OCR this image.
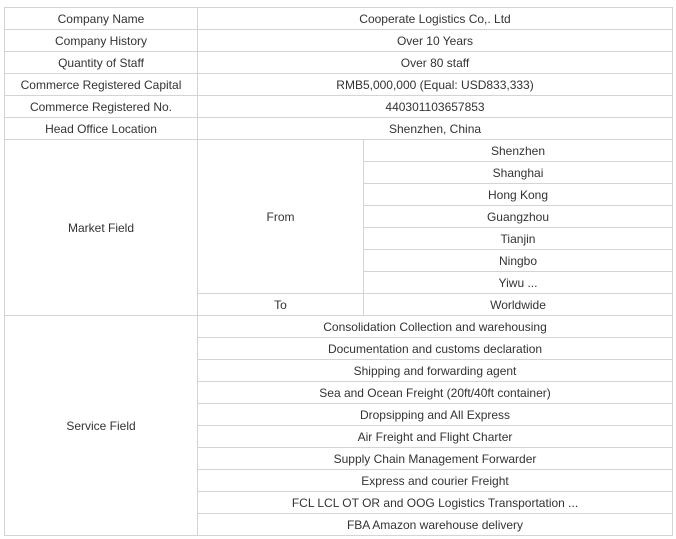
Company Name	Cooperate Logistics Co,. Ltd	
Company History	Over 10 Years	
Quantity of Staff	Over 80 staff	
Commerce Registered Capital	RMB5,000,000 (Equal: USD833,333)	
Commerce Registered No.	440301103657853	
Head Office Location	Shenzhen, China	
Market Field	From	Shenzhen
		Shanghai
		Hong Kong
		Guangzhou
		Tianjin
		Ningbo
		Yiwu ...
	To	Worldwide
Service Field	Consolidation Collection and warehousing	
	Documentation and customs declaration	
	Shipping and forwarding agent	
	Sea and Ocean Freight (20ft/40ft container)	
	Dropsipping and All Express	
	Air Freight and Flight Charter	
	Supply Chain Management Forwarder	
	Express and courier Freight	
	FCL LCL OT OR and OOG Logistics Transportation ...	
	FBA Amazon warehouse delivery	
